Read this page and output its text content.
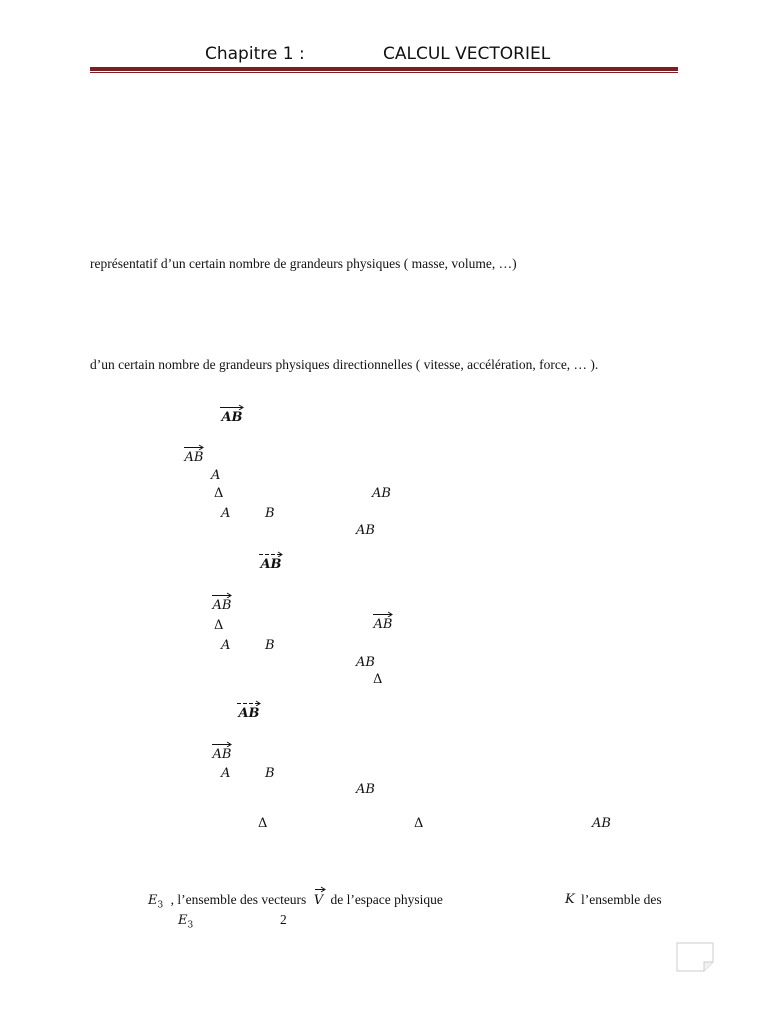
Chapitre 1 :	CALCUL VECTORIEL
représentatif d’un certain nombre de grandeurs physiques ( masse, volume, …)
d’un certain nombre de grandeurs physiques directionnelles ( vitesse, accélération, force, … ).
AB
AB
A
Δ	AB
A	B
AB
AB
AB
Δ	AB
A	B
AB
Δ
AB
AB
A	B
AB
Δ	Δ	AB
$E_3$ , l’ensemble des vecteurs V de l’espace physique	K l’ensemble des
$E_3$	2
